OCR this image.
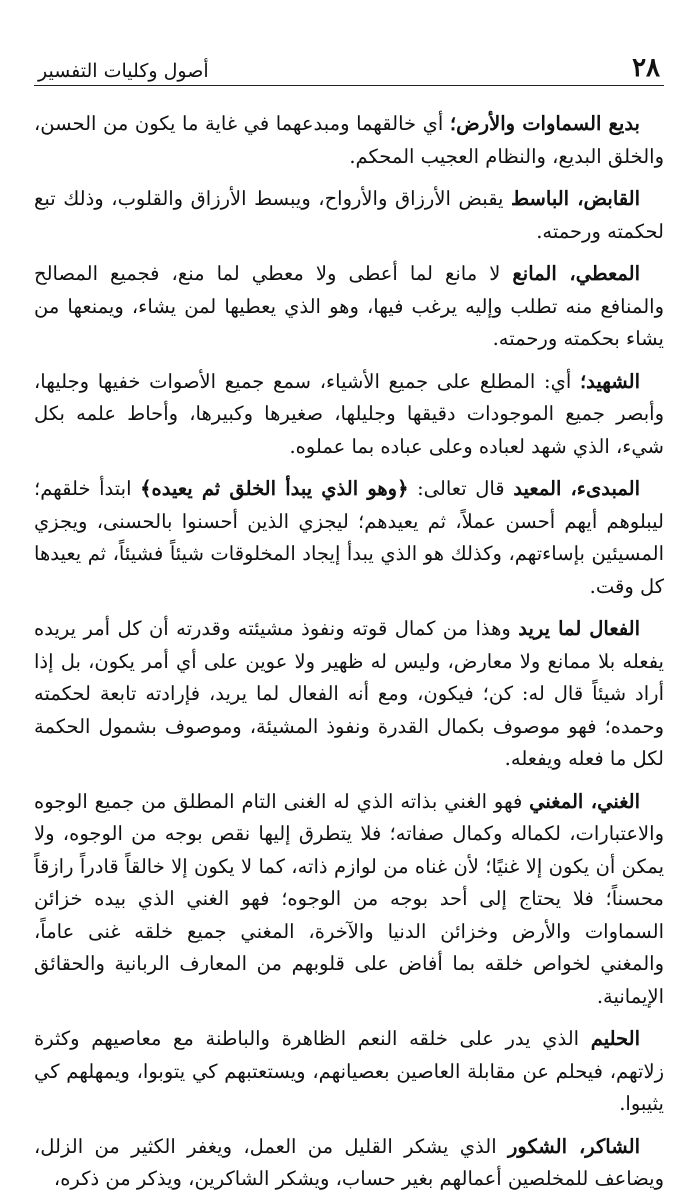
٢٨
أصول وكليات التفسير

بديع السماوات والأرض؛ أي خالقهما ومبدعهما في غاية ما يكون من الحسن، والخلق البديع، والنظام العجيب المحكم.

القابض، الباسط يقبض الأرزاق والأرواح، ويبسط الأرزاق والقلوب، وذلك تبع لحكمته ورحمته.

المعطي، المانع لا مانع لما أعطى ولا معطي لما منع، فجميع المصالح والمنافع منه تطلب وإليه يرغب فيها، وهو الذي يعطيها لمن يشاء، ويمنعها من يشاء بحكمته ورحمته.

الشهيد؛ أي: المطلع على جميع الأشياء، سمع جميع الأصوات خفيها وجليها، وأبصر جميع الموجودات دقيقها وجليلها، صغيرها وكبيرها، وأحاط علمه بكل شيء، الذي شهد لعباده وعلى عباده بما عملوه.

المبدىء، المعيد قال تعالى: ﴿وهو الذي يبدأ الخلق ثم يعيده﴾ ابتدأ خلقهم؛ ليبلوهم أيهم أحسن عملاً، ثم يعيدهم؛ ليجزي الذين أحسنوا بالحسنى، ويجزي المسيئين بإساءتهم، وكذلك هو الذي يبدأ إيجاد المخلوقات شيئاً فشيئاً، ثم يعيدها كل وقت.

الفعال لما يريد وهذا من كمال قوته ونفوذ مشيئته وقدرته أن كل أمر يريده يفعله بلا ممانع ولا معارض، وليس له ظهير ولا عوين على أي أمر يكون، بل إذا أراد شيئاً قال له: كن؛ فيكون، ومع أنه الفعال لما يريد، فإرادته تابعة لحكمته وحمده؛ فهو موصوف بكمال القدرة ونفوذ المشيئة، وموصوف بشمول الحكمة لكل ما فعله ويفعله.

الغني، المغني فهو الغني بذاته الذي له الغنى التام المطلق من جميع الوجوه والاعتبارات، لكماله وكمال صفاته؛ فلا يتطرق إليها نقص بوجه من الوجوه، ولا يمكن أن يكون إلا غنيًا؛ لأن غناه من لوازم ذاته، كما لا يكون إلا خالقاً قادراً رازقاً محسناً؛ فلا يحتاج إلى أحد بوجه من الوجوه؛ فهو الغني الذي بيده خزائن السماوات والأرض وخزائن الدنيا والآخرة، المغني جميع خلقه غنى عاماً، والمغني لخواص خلقه بما أفاض على قلوبهم من المعارف الربانية والحقائق الإيمانية.

الحليم الذي يدر على خلقه النعم الظاهرة والباطنة مع معاصيهم وكثرة زلاتهم، فيحلم عن مقابلة العاصين بعصيانهم، ويستعتبهم كي يتوبوا، ويمهلهم كي يثيبوا.

الشاكر، الشكور الذي يشكر القليل من العمل، ويغفر الكثير من الزلل، ويضاعف للمخلصين أعمالهم بغير حساب، ويشكر الشاكرين، ويذكر من ذكره،
